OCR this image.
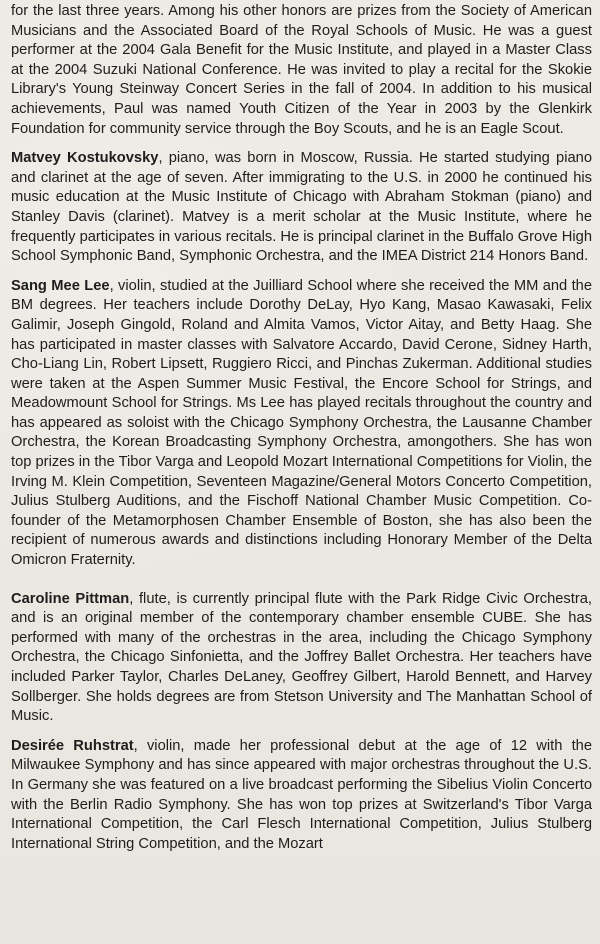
for the last three years. Among his other honors are prizes from the Society of American Musicians and the Associated Board of the Royal Schools of Music. He was a guest performer at the 2004 Gala Benefit for the Music Institute, and played in a Master Class at the 2004 Suzuki National Conference. He was invited to play a recital for the Skokie Library's Young Steinway Concert Series in the fall of 2004. In addition to his musical achievements, Paul was named Youth Citizen of the Year in 2003 by the Glenkirk Foundation for community service through the Boy Scouts, and he is an Eagle Scout.

Matvey Kostukovsky, piano, was born in Moscow, Russia. He started studying piano and clarinet at the age of seven. After immigrating to the U.S. in 2000 he continued his music education at the Music Institute of Chicago with Abraham Stokman (piano) and Stanley Davis (clarinet). Matvey is a merit scholar at the Music Institute, where he frequently participates in various recitals. He is principal clarinet in the Buffalo Grove High School Symphonic Band, Symphonic Orchestra, and the IMEA District 214 Honors Band.

Sang Mee Lee, violin, studied at the Juilliard School where she received the MM and the BM degrees. Her teachers include Dorothy DeLay, Hyo Kang, Masao Kawasaki, Felix Galimir, Joseph Gingold, Roland and Almita Vamos, Victor Aitay, and Betty Haag. She has participated in master classes with Salvatore Accardo, David Cerone, Sidney Harth, Cho-Liang Lin, Robert Lipsett, Ruggiero Ricci, and Pinchas Zukerman. Additional studies were taken at the Aspen Summer Music Festival, the Encore School for Strings, and Meadowmount School for Strings. Ms Lee has played recitals throughout the country and has appeared as soloist with the Chicago Symphony Orchestra, the Lausanne Chamber Orchestra, the Korean Broadcasting Symphony Orchestra, amongothers. She has won top prizes in the Tibor Varga and Leopold Mozart International Competitions for Violin, the Irving M. Klein Competition, Seventeen Magazine/General Motors Concerto Competition, Julius Stulberg Auditions, and the Fischoff National Chamber Music Competition. Co-founder of the Metamorphosen Chamber Ensemble of Boston, she has also been the recipient of numerous awards and distinctions including Honorary Member of the Delta Omicron Fraternity.

Caroline Pittman, flute, is currently principal flute with the Park Ridge Civic Orchestra, and is an original member of the contemporary chamber ensemble CUBE. She has performed with many of the orchestras in the area, including the Chicago Symphony Orchestra, the Chicago Sinfonietta, and the Joffrey Ballet Orchestra. Her teachers have included Parker Taylor, Charles DeLaney, Geoffrey Gilbert, Harold Bennett, and Harvey Sollberger. She holds degrees are from Stetson University and The Manhattan School of Music.

Desirée Ruhstrat, violin, made her professional debut at the age of 12 with the Milwaukee Symphony and has since appeared with major orchestras throughout the U.S. In Germany she was featured on a live broadcast performing the Sibelius Violin Concerto with the Berlin Radio Symphony. She has won top prizes at Switzerland's Tibor Varga International Competition, the Carl Flesch International Competition, Julius Stulberg International String Competition, and the Mozart
